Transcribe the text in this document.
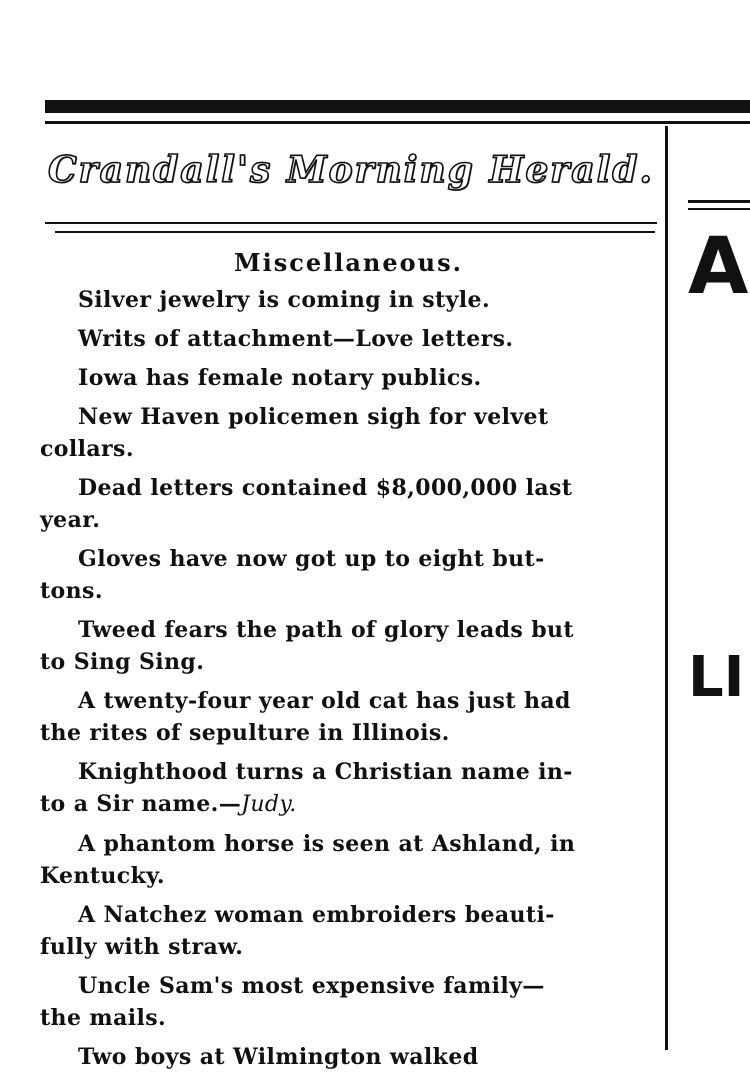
Crandall's Morning Herald.
Miscellaneous.
Silver jewelry is coming in style.
Writs of attachment—Love letters.
Iowa has female notary publics.
New Haven policemen sigh for velvet
collars.
Dead letters contained $8,000,000 last
year.
Gloves have now got up to eight but-
tons.
Tweed fears the path of glory leads but
to Sing Sing.
A twenty-four year old cat has just had
the rites of sepulture in Illinois.
Knighthood turns a Christian name in-
to a Sir name.—Judy.
A phantom horse is seen at Ashland, in
Kentucky.
A Natchez woman embroiders beauti-
fully with straw.
Uncle Sam's most expensive family—
the mails.
Two boys at Wilmington walked
A
LI
